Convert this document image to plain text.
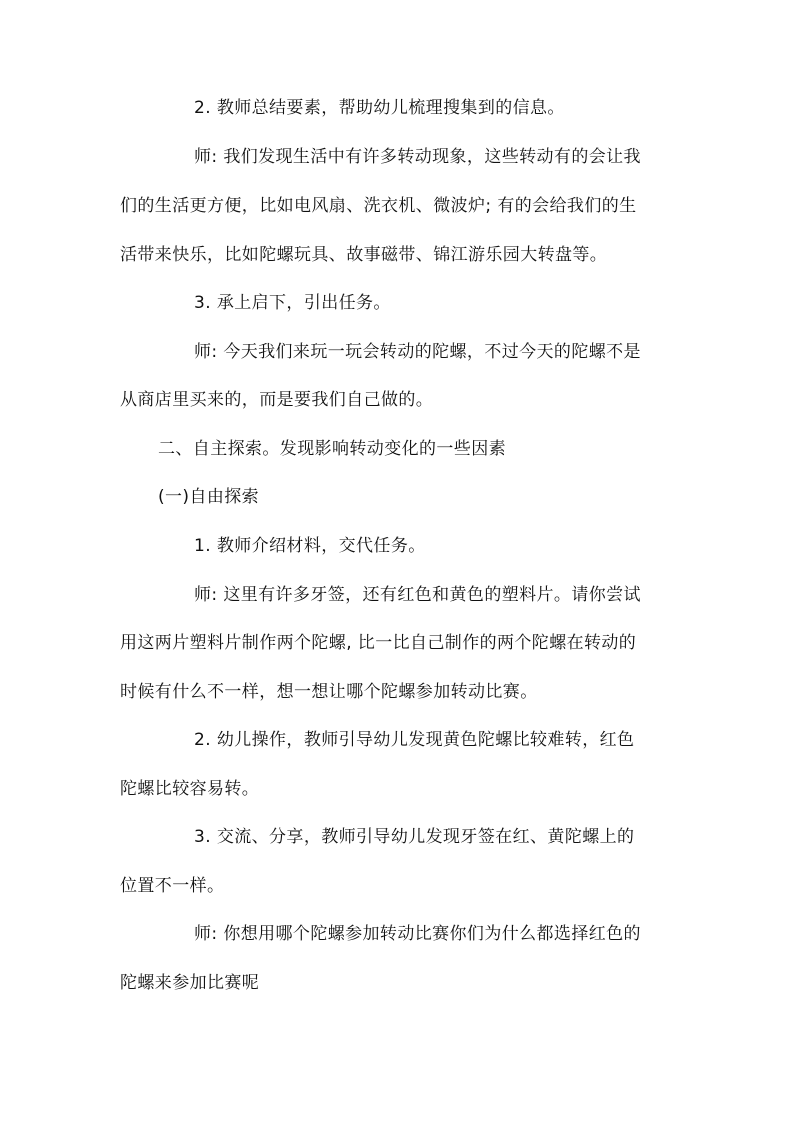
2. 教师总结要素，帮助幼儿梳理搜集到的信息。
师: 我们发现生活中有许多转动现象，这些转动有的会让我
们的生活更方便，比如电风扇、洗衣机、微波炉; 有的会给我们的生
活带来快乐，比如陀螺玩具、故事磁带、锦江游乐园大转盘等。
3. 承上启下，引出任务。
师: 今天我们来玩一玩会转动的陀螺，不过今天的陀螺不是
从商店里买来的，而是要我们自己做的。
二、自主探索。发现影响转动变化的一些因素
(一)自由探索
1. 教师介绍材料，交代任务。
师: 这里有许多牙签，还有红色和黄色的塑料片。请你尝试
用这两片塑料片制作两个陀螺, 比一比自己制作的两个陀螺在转动的
时候有什么不一样，想一想让哪个陀螺参加转动比赛。
2. 幼儿操作，教师引导幼儿发现黄色陀螺比较难转，红色
陀螺比较容易转。
3. 交流、分享，教师引导幼儿发现牙签在红、黄陀螺上的
位置不一样。
师: 你想用哪个陀螺参加转动比赛你们为什么都选择红色的
陀螺来参加比赛呢
